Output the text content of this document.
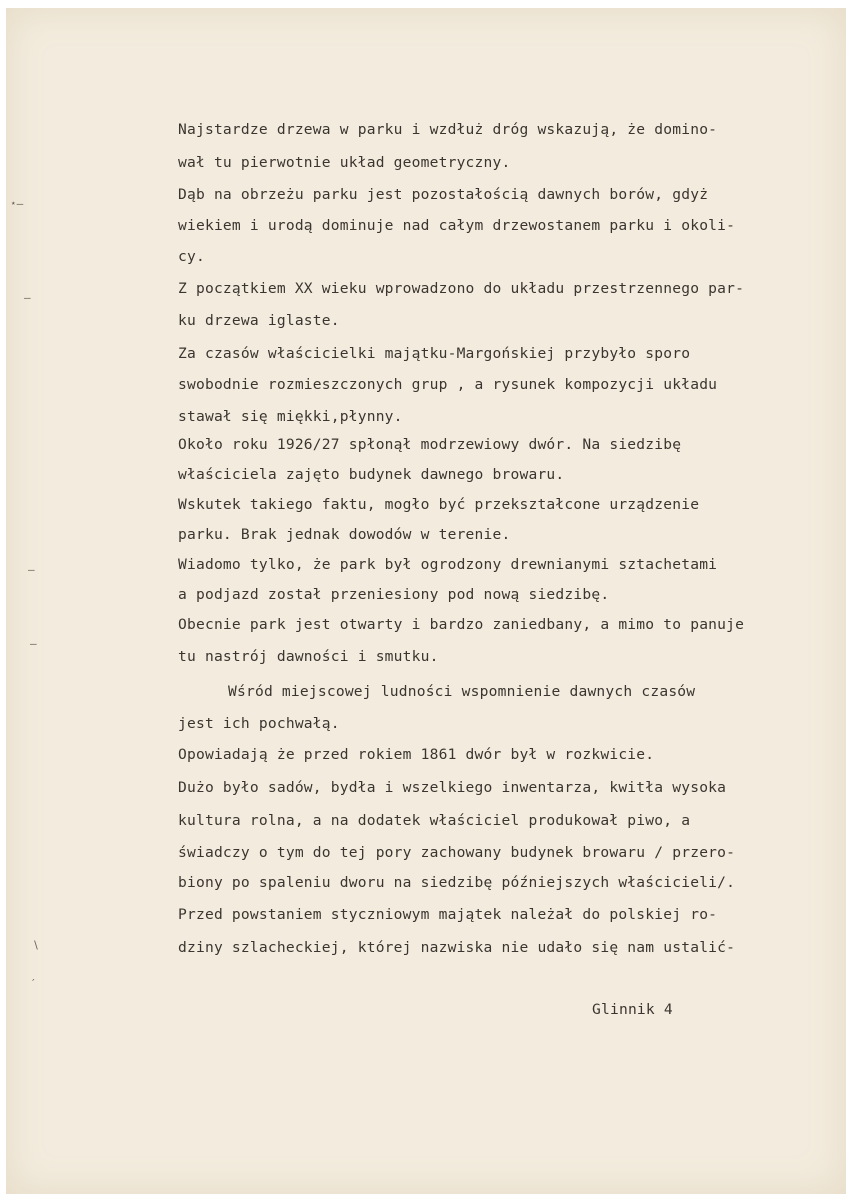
Najstardze drzewa w parku i wzdłuż dróg wskazują, że domino-
wał tu pierwotnie układ geometryczny.
Dąb na obrzeżu parku jest pozostałością dawnych borów, gdyż
wiekiem i urodą dominuje nad całym drzewostanem parku i okoli-
cy.
Z początkiem XX wieku wprowadzono do układu przestrzennego par-
ku drzewa iglaste.
Za czasów właścicielki majątku-Margońskiej przybyło sporo
swobodnie rozmieszczonych grup , a rysunek kompozycji układu
stawał się miękki,płynny.
Około roku 1926/27 spłonął modrzewiowy dwór. Na siedzibę
właściciela zajęto budynek dawnego browaru.
Wskutek takiego faktu, mogło być przekształcone urządzenie
parku. Brak jednak dowodów w terenie.
Wiadomo tylko, że park był ogrodzony drewnianymi sztachetami
a podjazd został przeniesiony pod nową siedzibę.
Obecnie park jest otwarty i bardzo zaniedbany, a mimo to panuje
tu nastrój dawności i smutku.
Wśród miejscowej ludności wspomnienie dawnych czasów
jest ich pochwałą.
Opowiadają że przed rokiem 1861 dwór był w rozkwicie.
Dużo było sadów, bydła i wszelkiego inwentarza, kwitła wysoka
kultura rolna, a na dodatek właściciel produkował piwo, a
świadczy o tym do tej pory zachowany budynek browaru / przero-
biony po spaleniu dworu na siedzibę późniejszych właścicieli/.
Przed powstaniem styczniowym majątek należał do polskiej ro-
dziny szlacheckiej, której nazwiska nie udało się nam ustalić-
Glinnik 4
⋆–
–
–
–
∖
′
